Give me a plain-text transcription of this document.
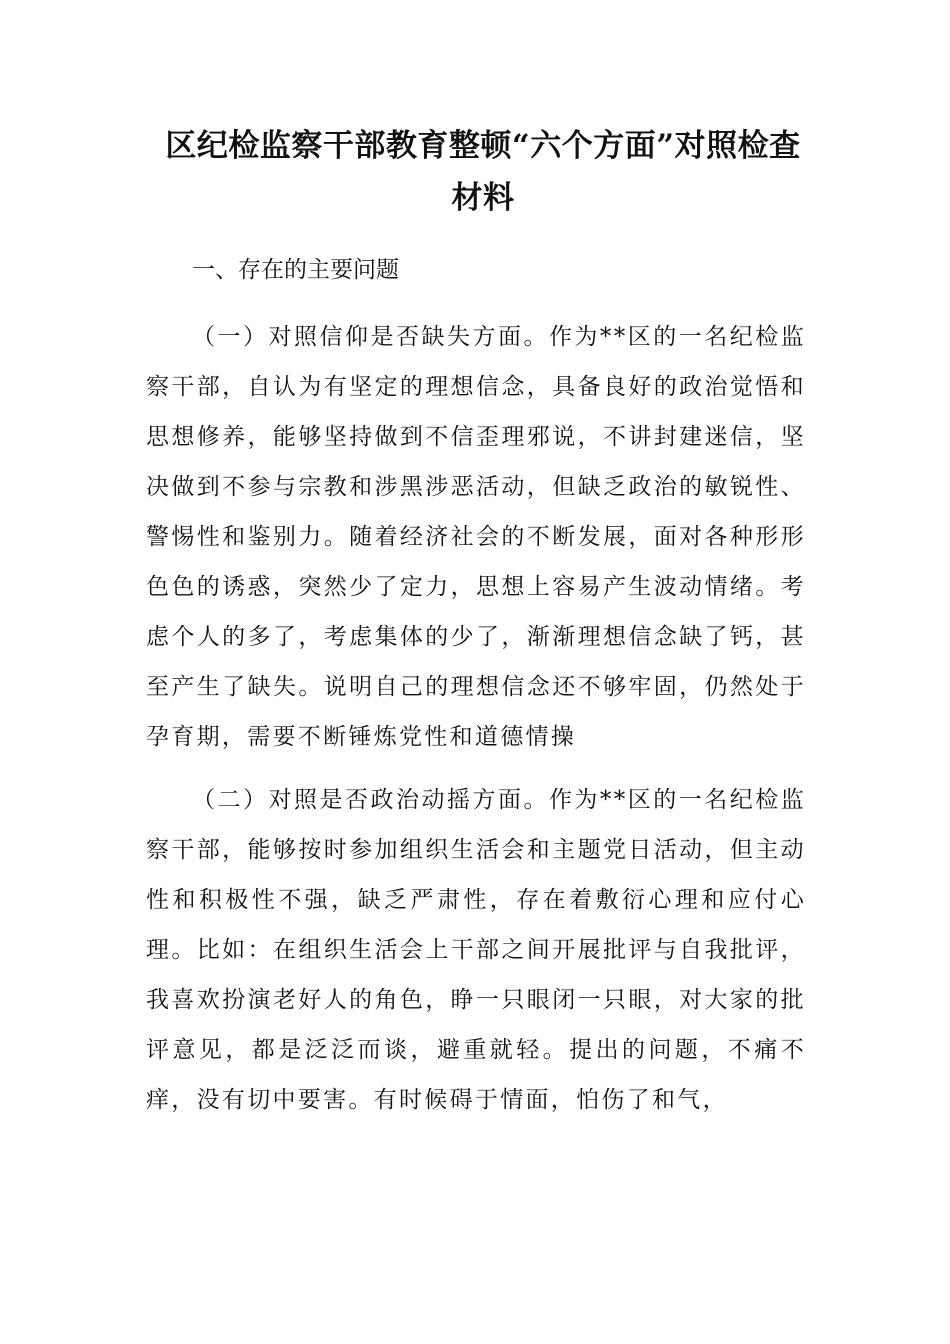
区纪检监察干部教育整顿“六个方面”对照检查材料
一、存在的主要问题

（一）对照信仰是否缺失方面。作为**区的一名纪检监察干部，自认为有坚定的理想信念，具备良好的政治觉悟和思想修养，能够坚持做到不信歪理邪说，不讲封建迷信，坚决做到不参与宗教和涉黑涉恶活动，但缺乏政治的敏锐性、警惕性和鉴别力。随着经济社会的不断发展，面对各种形形色色的诱惑，突然少了定力，思想上容易产生波动情绪。考虑个人的多了，考虑集体的少了，渐渐理想信念缺了钙，甚至产生了缺失。说明自己的理想信念还不够牢固，仍然处于孕育期，需要不断锤炼党性和道德情操

（二）对照是否政治动摇方面。作为**区的一名纪检监察干部，能够按时参加组织生活会和主题党日活动，但主动性和积极性不强，缺乏严肃性，存在着敷衍心理和应付心理。比如：在组织生活会上干部之间开展批评与自我批评，我喜欢扮演老好人的角色，睁一只眼闭一只眼，对大家的批评意见，都是泛泛而谈，避重就轻。提出的问题，不痛不痒，没有切中要害。有时候碍于情面，怕伤了和气，
